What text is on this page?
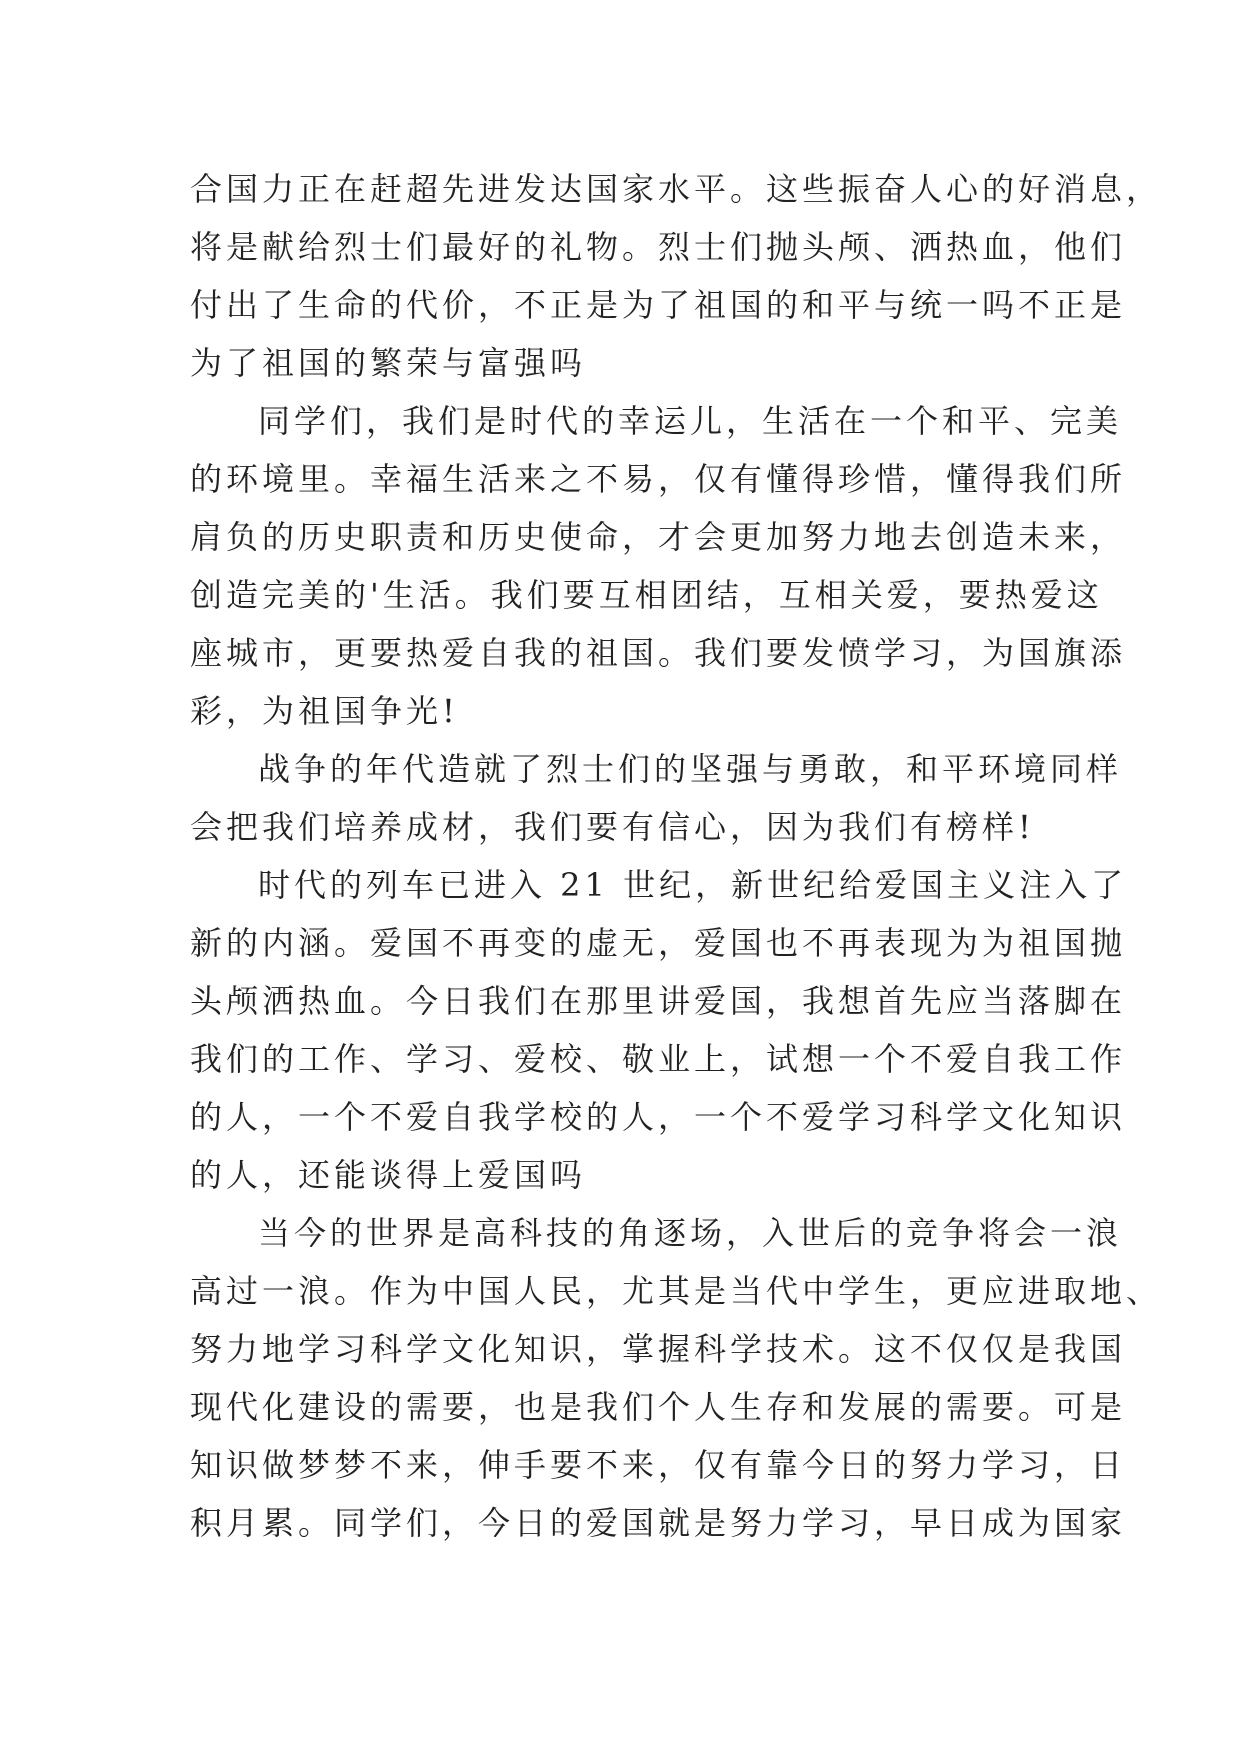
合国力正在赶超先进发达国家水平。这些振奋人心的好消息，
将是献给烈士们最好的礼物。烈士们抛头颅、洒热血，他们
付出了生命的代价，不正是为了祖国的和平与统一吗不正是
为了祖国的繁荣与富强吗
同学们，我们是时代的幸运儿，生活在一个和平、完美
的环境里。幸福生活来之不易，仅有懂得珍惜，懂得我们所
肩负的历史职责和历史使命，才会更加努力地去创造未来，
创造完美的'生活。我们要互相团结，互相关爱，要热爱这
座城市，更要热爱自我的祖国。我们要发愤学习，为国旗添
彩，为祖国争光!
战争的年代造就了烈士们的坚强与勇敢，和平环境同样
会把我们培养成材，我们要有信心，因为我们有榜样!
时代的列车已进入 21 世纪，新世纪给爱国主义注入了
新的内涵。爱国不再变的虚无，爱国也不再表现为为祖国抛
头颅洒热血。今日我们在那里讲爱国，我想首先应当落脚在
我们的工作、学习、爱校、敬业上，试想一个不爱自我工作
的人，一个不爱自我学校的人，一个不爱学习科学文化知识
的人，还能谈得上爱国吗
当今的世界是高科技的角逐场，入世后的竞争将会一浪
高过一浪。作为中国人民，尤其是当代中学生，更应进取地、
努力地学习科学文化知识，掌握科学技术。这不仅仅是我国
现代化建设的需要，也是我们个人生存和发展的需要。可是
知识做梦梦不来，伸手要不来，仅有靠今日的努力学习，日
积月累。同学们，今日的爱国就是努力学习，早日成为国家
